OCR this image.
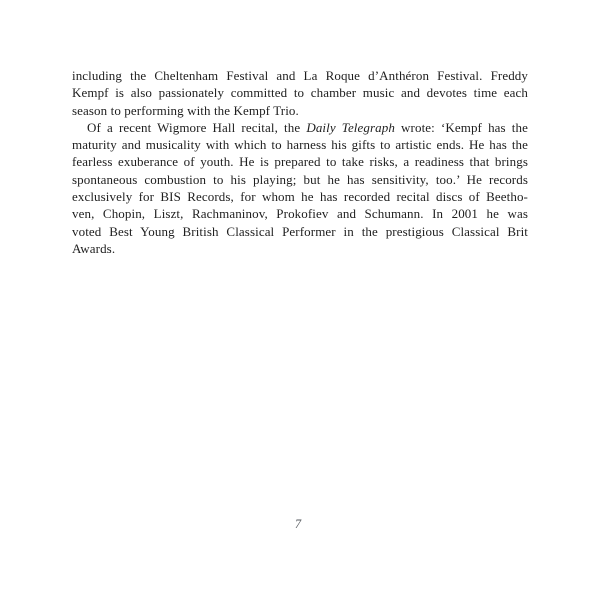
including the Cheltenham Festival and La Roque d’Anthéron Festival. Freddy
Kempf is also passionately committed to chamber music and devotes time each
season to performing with the Kempf Trio.
Of a recent Wigmore Hall recital, the Daily Telegraph wrote: ‘Kempf has the
maturity and musicality with which to harness his gifts to artistic ends. He has the
fearless exuberance of youth. He is prepared to take risks, a readiness that brings
spontaneous combustion to his playing; but he has sensitivity, too.’ He records
exclusively for BIS Records, for whom he has recorded recital discs of Beetho-
ven, Chopin, Liszt, Rachmaninov, Prokofiev and Schumann. In 2001 he was
voted Best Young British Classical Performer in the prestigious Classical Brit
Awards.
7
